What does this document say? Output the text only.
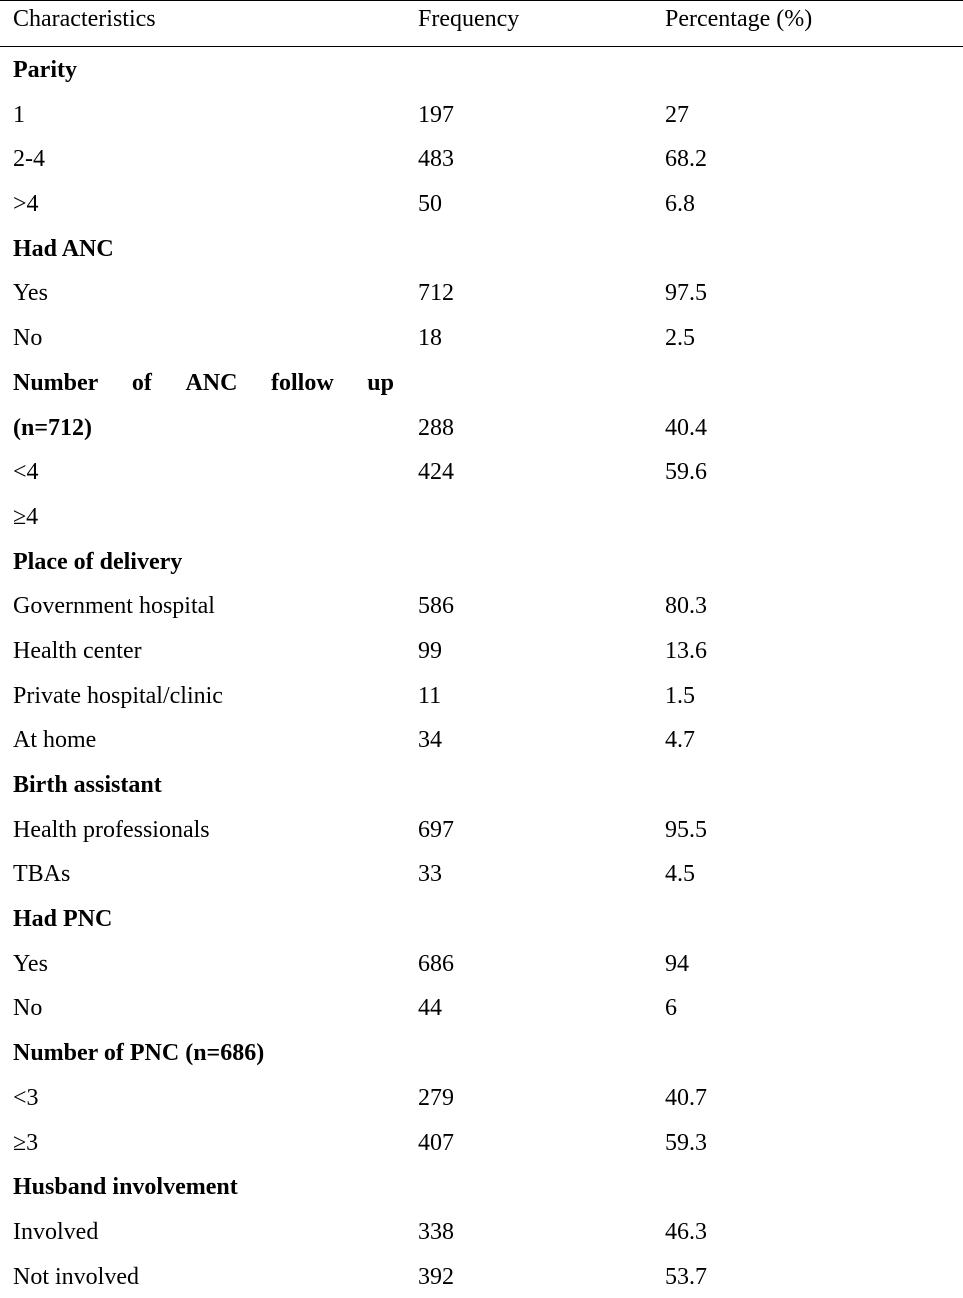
Characteristics	Frequency	Percentage (%)
Parity
1	197	27
2-4	483	68.2
>4	50	6.8
Had ANC
Yes	712	97.5
No	18	2.5
Number of ANC follow up
(n=712)	288	40.4
<4	424	59.6
≥4
Place of delivery
Government hospital	586	80.3
Health center	99	13.6
Private hospital/clinic	11	1.5
At home	34	4.7
Birth assistant
Health professionals	697	95.5
TBAs	33	4.5
Had PNC
Yes	686	94
No	44	6
Number of PNC (n=686)
<3	279	40.7
≥3	407	59.3
Husband involvement
Involved	338	46.3
Not involved	392	53.7
